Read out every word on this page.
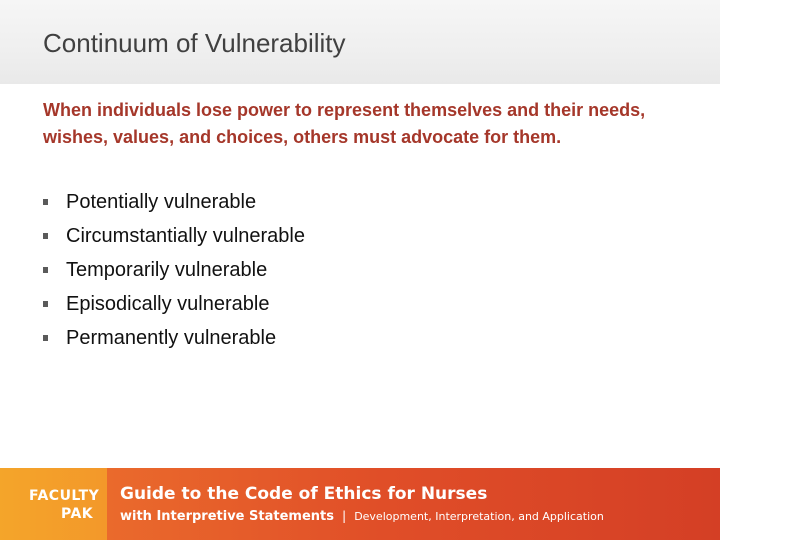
Continuum of Vulnerability
When individuals lose power to represent themselves and their needs, wishes, values, and choices, others must advocate for them.
Potentially vulnerable
Circumstantially vulnerable
Temporarily vulnerable
Episodically vulnerable
Permanently vulnerable
FACULTY
PAK
28
Guide to the Code of Ethics for Nurses
with Interpretive Statements | Development, Interpretation, and Application
